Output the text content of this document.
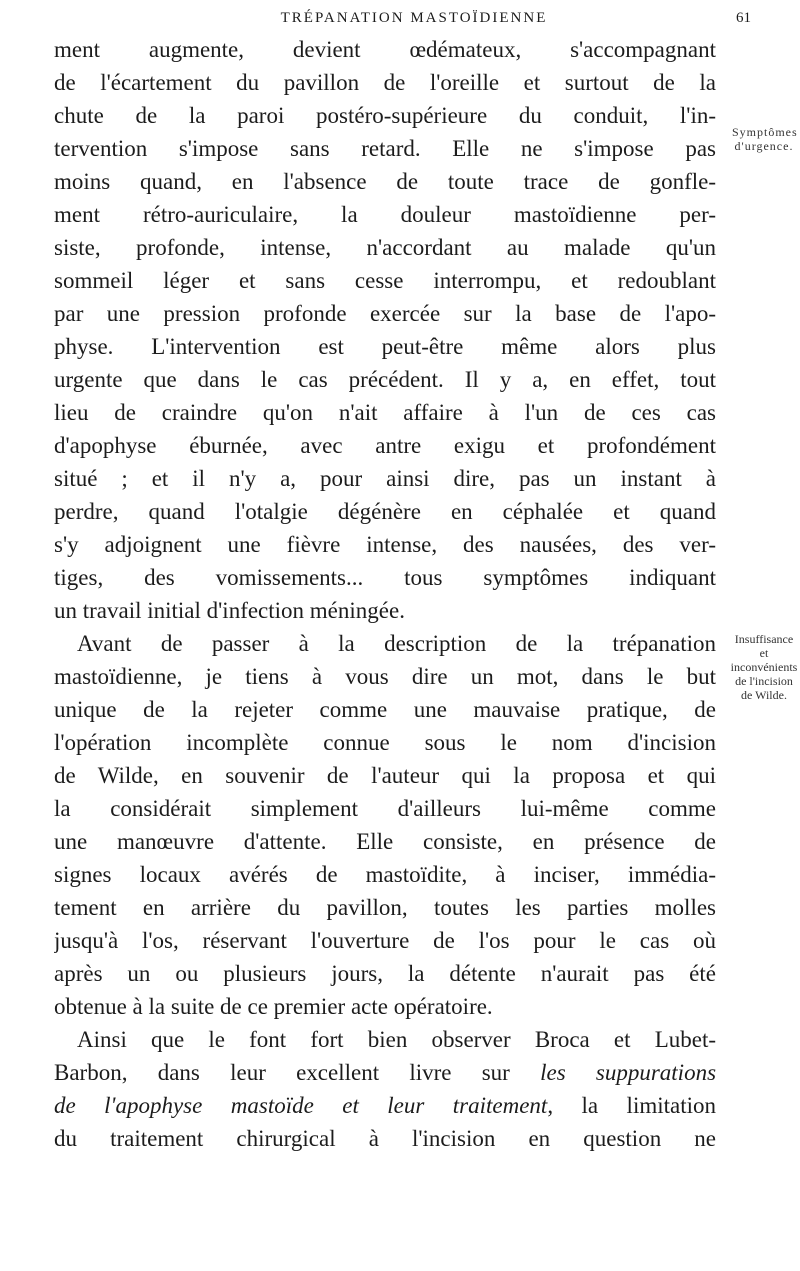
TRÉPANATION MASTOÏDIENNE	61
ment augmente, devient œdémateux, s'accompagnant
de l'écartement du pavillon de l'oreille et surtout de la
chute de la paroi postéro-supérieure du conduit, l'in-
tervention s'impose sans retard. Elle ne s'impose pas
moins quand, en l'absence de toute trace de gonfle-
ment rétro-auriculaire, la douleur mastoïdienne per-
siste, profonde, intense, n'accordant au malade qu'un
sommeil léger et sans cesse interrompu, et redoublant
par une pression profonde exercée sur la base de l'apo-
physe. L'intervention est peut-être même alors plus
urgente que dans le cas précédent. Il y a, en effet, tout
lieu de craindre qu'on n'ait affaire à l'un de ces cas
d'apophyse éburnée, avec antre exigu et profondément
situé ; et il n'y a, pour ainsi dire, pas un instant à
perdre, quand l'otalgie dégénère en céphalée et quand
s'y adjoignent une fièvre intense, des nausées, des ver-
tiges, des vomissements... tous symptômes indiquant
un travail initial d'infection méningée.
Avant de passer à la description de la trépanation
mastoïdienne, je tiens à vous dire un mot, dans le but
unique de la rejeter comme une mauvaise pratique, de
l'opération incomplète connue sous le nom d'incision
de Wilde, en souvenir de l'auteur qui la proposa et qui
la considérait simplement d'ailleurs lui-même comme
une manœuvre d'attente. Elle consiste, en présence de
signes locaux avérés de mastoïdite, à inciser, immédia-
tement en arrière du pavillon, toutes les parties molles
jusqu'à l'os, réservant l'ouverture de l'os pour le cas où
après un ou plusieurs jours, la détente n'aurait pas été
obtenue à la suite de ce premier acte opératoire.
Ainsi que le font fort bien observer Broca et Lubet-
Barbon, dans leur excellent livre sur les suppurations
de l'apophyse mastoïde et leur traitement, la limitation
du traitement chirurgical à l'incision en question ne
Symptômes d'urgence.
Insuffisance et inconvénients de l'incision de Wilde.
